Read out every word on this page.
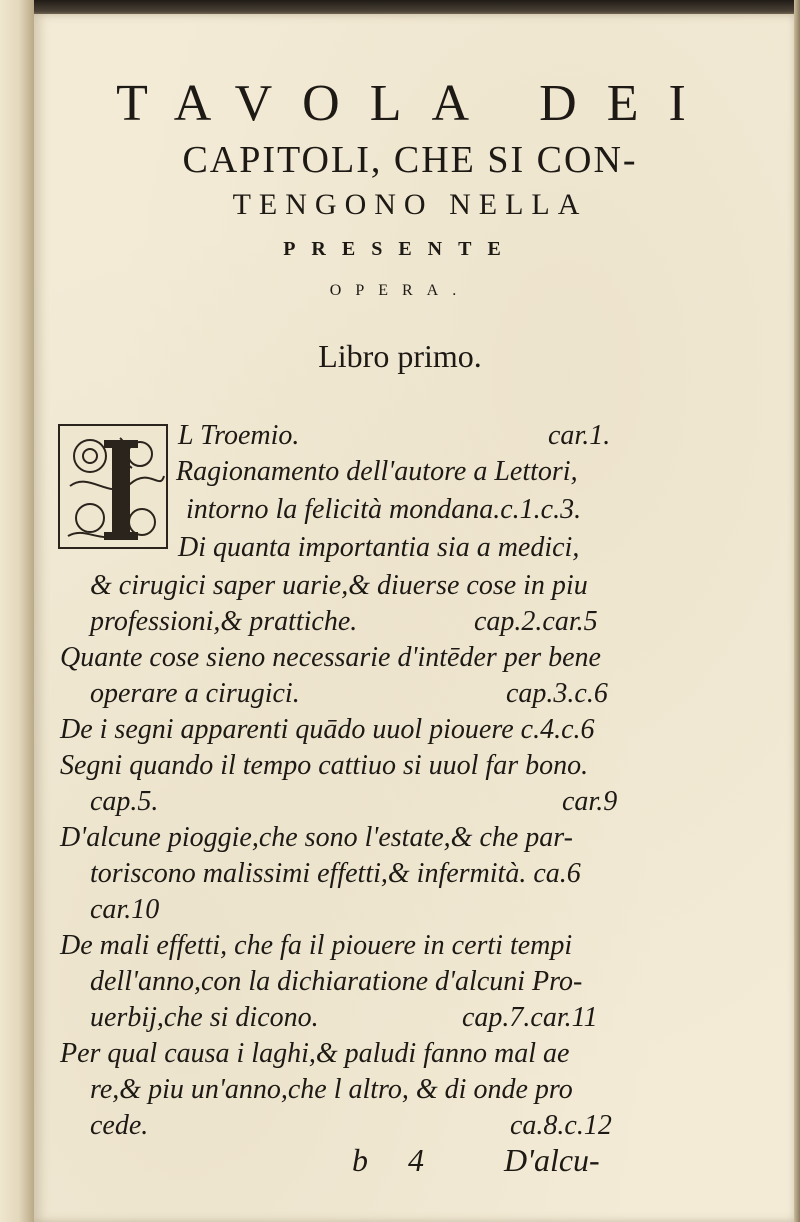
TAVOLA DEI
CAPITOLI, CHE SI CON-
TENGONO NELLA
PRESENTE
OPERA.
Libro primo.
L Troemio.	car.1.
Ragionamento dell'autore a Lettori,
intorno la felicità mondana.c.1.c.3.
Di quanta importantia sia a medici,
& cirugici saper uarie,& diuerse cose in piu
professioni,& prattiche.	cap.2.car.5
Quante cose sieno necessarie d'intēder per bene
operare a cirugici.	cap.3.c.6
De i segni apparenti quādo uuol piouere c.4.c.6
Segni quando il tempo cattiuo si uuol far bono.
cap.5.	car.9
D'alcune pioggie,che sono l'estate,& che par-
toriscono malissimi effetti,& infermità. ca.6
car.10
De mali effetti, che fa il piouere in certi tempi
dell'anno,con la dichiaratione d'alcuni Pro-
uerbij,che si dicono.	cap.7.car.11
Per qual causa i laghi,& paludi fanno mal ae
re,& piu un'anno,che l altro, & di onde pro
cede.	ca.8.c.12
b 4	D'alcu-
